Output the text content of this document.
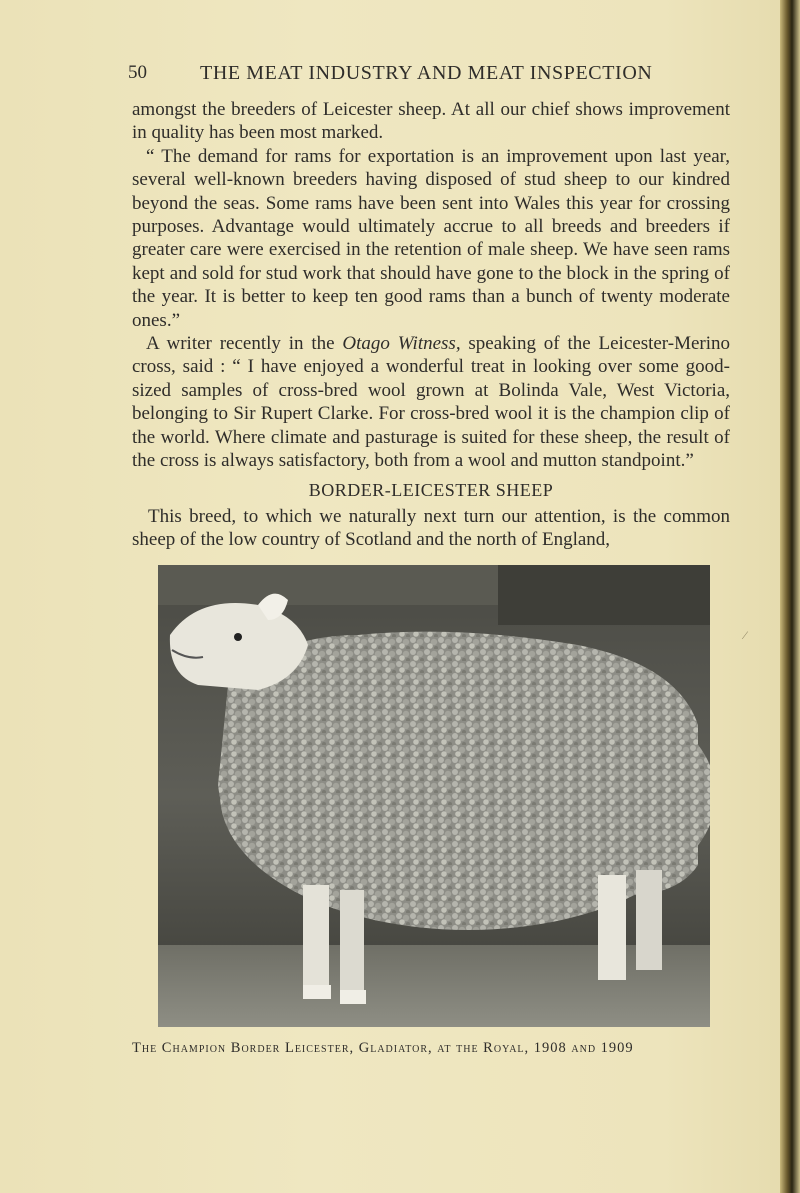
50	THE MEAT INDUSTRY AND MEAT INSPECTION

amongst the breeders of Leicester sheep. At all our chief shows improvement in quality has been most marked.

“ The demand for rams for exportation is an improvement upon last year, several well-known breeders having disposed of stud sheep to our kindred beyond the seas. Some rams have been sent into Wales this year for crossing purposes. Advantage would ultimately accrue to all breeds and breeders if greater care were exercised in the retention of male sheep. We have seen rams kept and sold for stud work that should have gone to the block in the spring of the year. It is better to keep ten good rams than a bunch of twenty moderate ones.”

A writer recently in the Otago Witness, speaking of the Leicester-Merino cross, said : “ I have enjoyed a wonderful treat in looking over some good-sized samples of cross-bred wool grown at Bolinda Vale, West Victoria, belonging to Sir Rupert Clarke. For cross-bred wool it is the champion clip of the world. Where climate and pasturage is suited for these sheep, the result of the cross is always satisfactory, both from a wool and mutton standpoint.”

BORDER-LEICESTER SHEEP

This breed, to which we naturally next turn our attention, is the common sheep of the low country of Scotland and the north of England,

The Champion Border Leicester, Gladiator, at the Royal, 1908 and 1909
⁄
